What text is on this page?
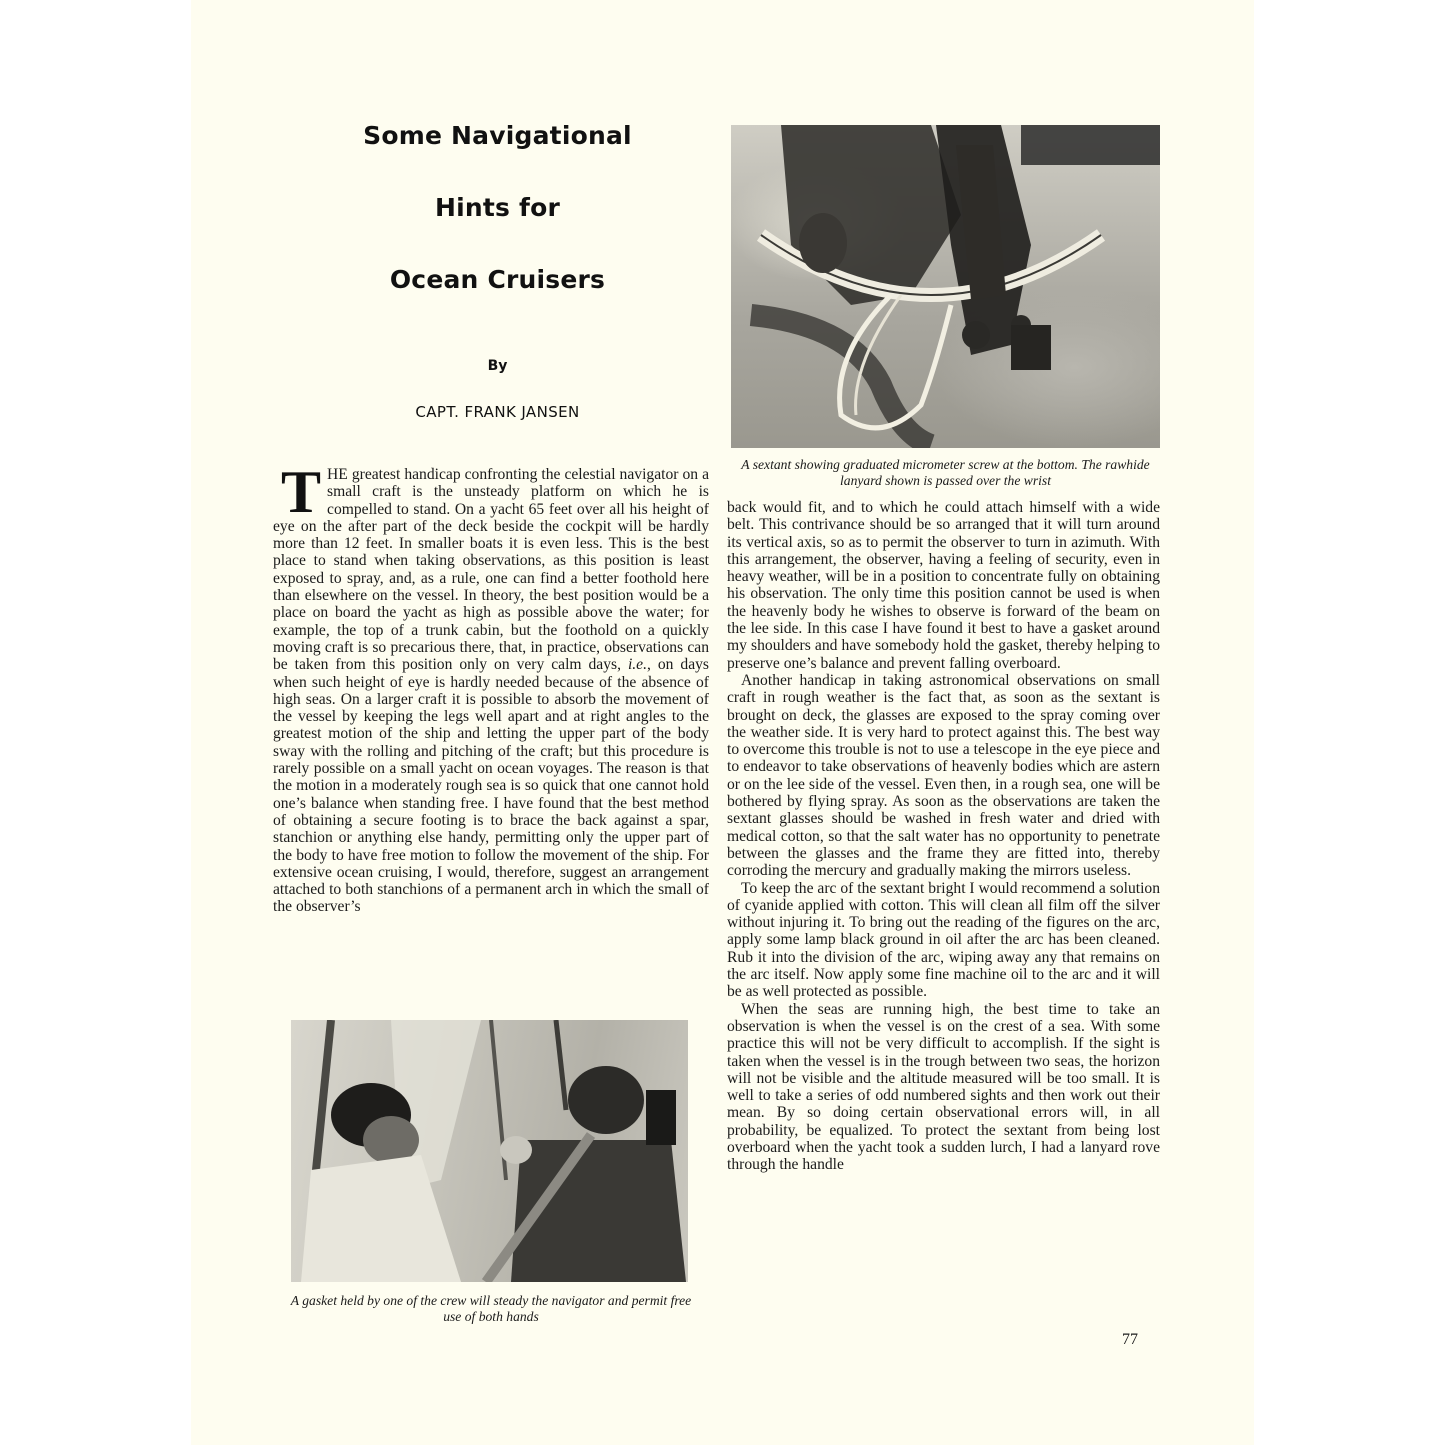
Some Navigational
Hints for
Ocean Cruisers
By
CAPT. FRANK JANSEN
A sextant showing graduated micrometer screw at the bottom. The rawhide lanyard shown is passed over the wrist

THE greatest handicap confronting the celestial navigator on a small craft is the unsteady platform on which he is compelled to stand. On a yacht 65 feet over all his height of eye on the after part of the deck beside the cockpit will be hardly more than 12 feet. In smaller boats it is even less. This is the best place to stand when taking observations, as this position is least exposed to spray, and, as a rule, one can find a better foothold here than elsewhere on the vessel. In theory, the best position would be a place on board the yacht as high as possible above the water; for example, the top of a trunk cabin, but the foothold on a quickly moving craft is so precarious there, that, in practice, observations can be taken from this position only on very calm days, i.e., on days when such height of eye is hardly needed because of the absence of high seas. On a larger craft it is possible to absorb the movement of the vessel by keeping the legs well apart and at right angles to the greatest motion of the ship and letting the upper part of the body sway with the rolling and pitching of the craft; but this procedure is rarely possible on a small yacht on ocean voyages. The reason is that the motion in a moderately rough sea is so quick that one cannot hold one’s balance when standing free. I have found that the best method of obtaining a secure footing is to brace the back against a spar, stanchion or anything else handy, permitting only the upper part of the body to have free motion to follow the movement of the ship. For extensive ocean cruising, I would, therefore, suggest an arrangement attached to both stanchions of a permanent arch in which the small of the observer’s

A gasket held by one of the crew will steady the navigator and permit free use of both hands

back would fit, and to which he could attach himself with a wide belt. This contrivance should be so arranged that it will turn around its vertical axis, so as to permit the observer to turn in azimuth. With this arrangement, the observer, having a feeling of security, even in heavy weather, will be in a position to concentrate fully on obtaining his observation. The only time this position cannot be used is when the heavenly body he wishes to observe is forward of the beam on the lee side. In this case I have found it best to have a gasket around my shoulders and have somebody hold the gasket, thereby helping to preserve one’s balance and prevent falling overboard.

Another handicap in taking astronomical observations on small craft in rough weather is the fact that, as soon as the sextant is brought on deck, the glasses are exposed to the spray coming over the weather side. It is very hard to protect against this. The best way to overcome this trouble is not to use a telescope in the eye piece and to endeavor to take observations of heavenly bodies which are astern or on the lee side of the vessel. Even then, in a rough sea, one will be bothered by flying spray. As soon as the observations are taken the sextant glasses should be washed in fresh water and dried with medical cotton, so that the salt water has no opportunity to penetrate between the glasses and the frame they are fitted into, thereby corroding the mercury and gradually making the mirrors useless.

To keep the arc of the sextant bright I would recommend a solution of cyanide applied with cotton. This will clean all film off the silver without injuring it. To bring out the reading of the figures on the arc, apply some lamp black ground in oil after the arc has been cleaned. Rub it into the division of the arc, wiping away any that remains on the arc itself. Now apply some fine machine oil to the arc and it will be as well protected as possible.

When the seas are running high, the best time to take an observation is when the vessel is on the crest of a sea. With some practice this will not be very difficult to accomplish. If the sight is taken when the vessel is in the trough between two seas, the horizon will not be visible and the altitude measured will be too small. It is well to take a series of odd numbered sights and then work out their mean. By so doing certain observational errors will, in all probability, be equalized. To protect the sextant from being lost overboard when the yacht took a sudden lurch, I had a lanyard rove through the handle

77
